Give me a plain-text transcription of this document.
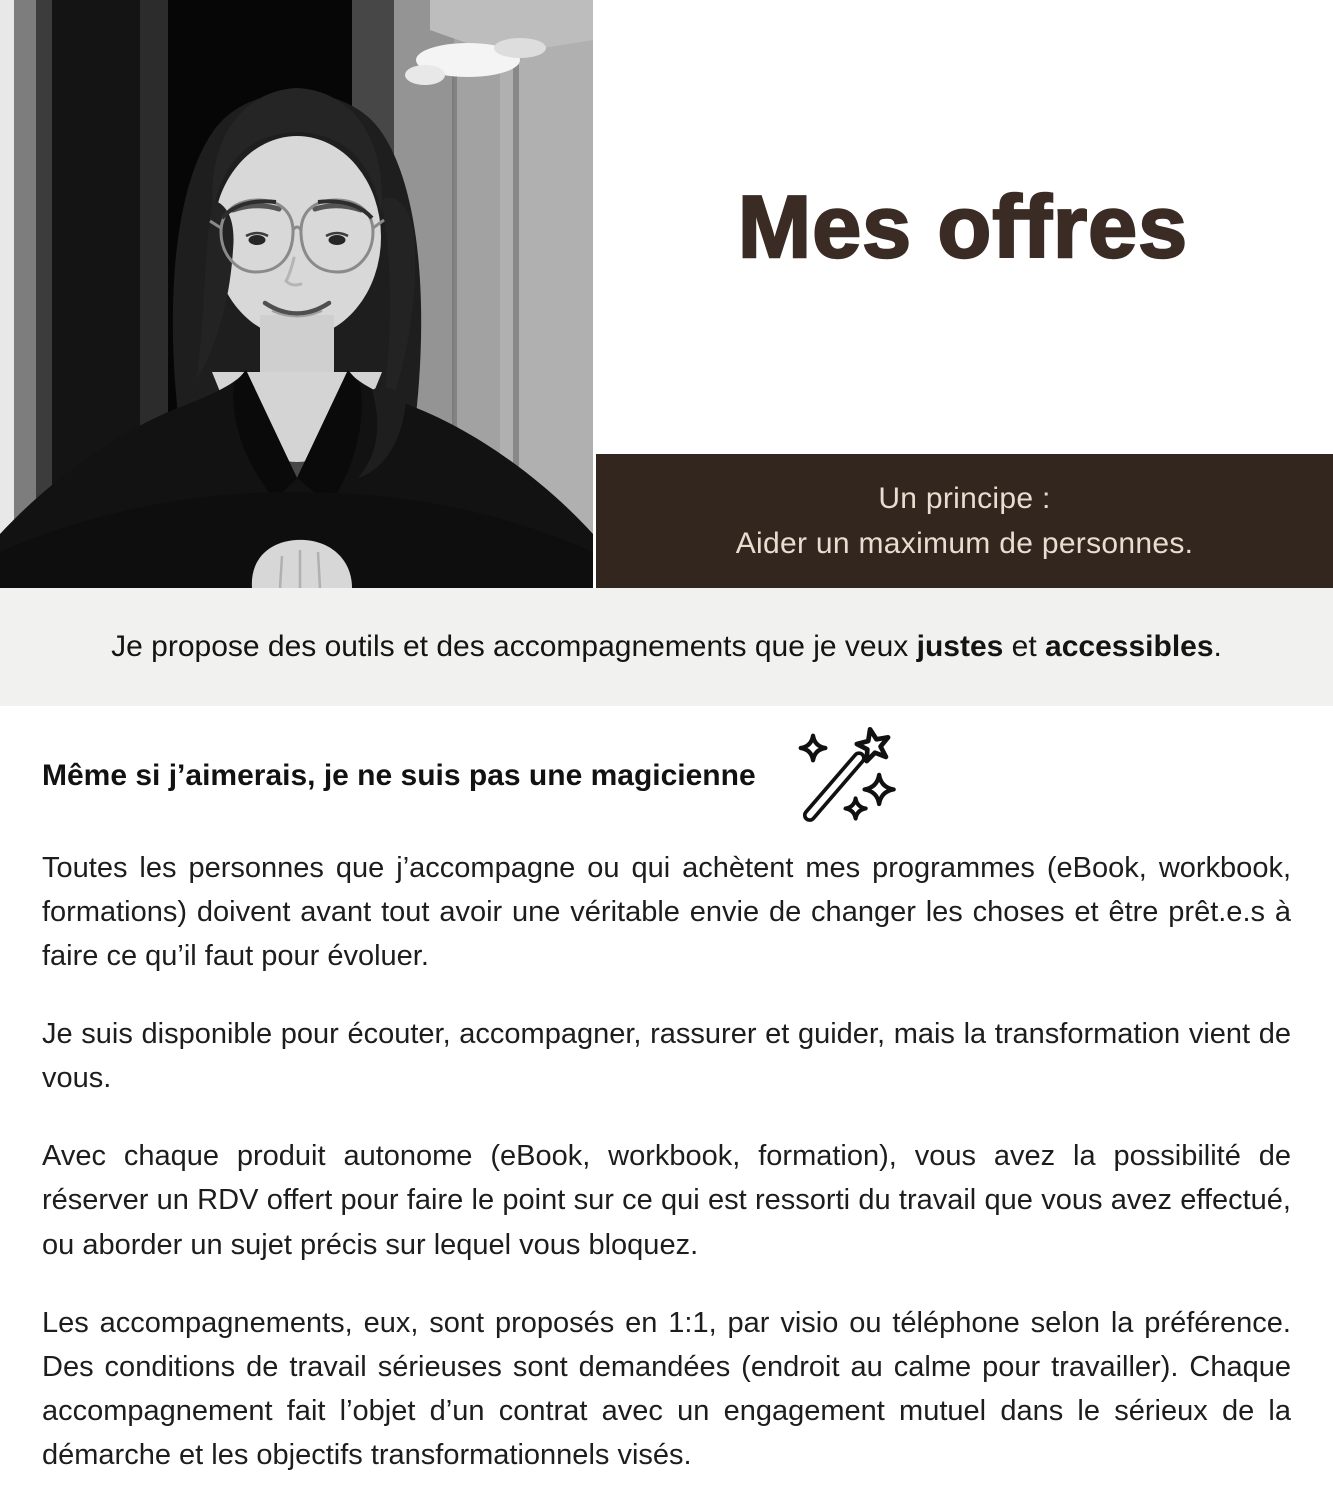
Mes offres
Un principe :
Aider un maximum de personnes.

Je propose des outils et des accompagnements que je veux justes et accessibles.

Même si j’aimerais, je ne suis pas une magicienne

Toutes les personnes que j’accompagne ou qui achètent mes programmes (eBook, workbook, formations) doivent avant tout avoir une véritable envie de changer les choses et être prêt.e.s à faire ce qu’il faut pour évoluer.

Je suis disponible pour écouter, accompagner, rassurer et guider, mais la transformation vient de vous.

Avec chaque produit autonome (eBook, workbook, formation), vous avez la possibilité de réserver un RDV offert pour faire le point sur ce qui est ressorti du travail que vous avez effectué, ou aborder un sujet précis sur lequel vous bloquez.

Les accompagnements, eux, sont proposés en 1:1, par visio ou téléphone selon la préférence. Des conditions de travail sérieuses sont demandées (endroit au calme pour travailler). Chaque accompagnement fait l’objet d’un contrat avec un engagement mutuel dans le sérieux de la démarche et les objectifs transformationnels visés.
